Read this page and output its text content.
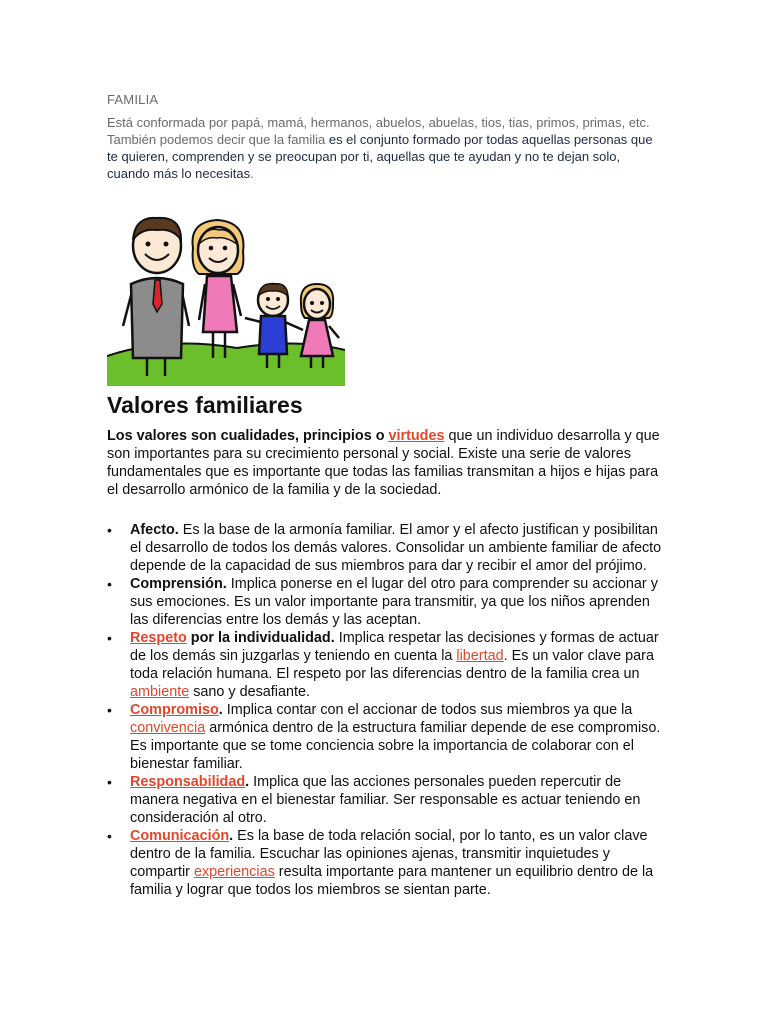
FAMILIA
Está conformada por papá, mamá, hermanos, abuelos, abuelas, tios, tias, primos, primas, etc. También podemos decir que la familia es el conjunto formado por todas aquellas personas que te quieren, comprenden y se preocupan por ti, aquellas que te ayudan y no te dejan solo, cuando más lo necesitas.
Valores familiares
Los valores son cualidades, principios o virtudes que un individuo desarrolla y que son importantes para su crecimiento personal y social. Existe una serie de valores fundamentales que es importante que todas las familias transmitan a hijos e hijas para el desarrollo armónico de la familia y de la sociedad.
• Afecto. Es la base de la armonía familiar. El amor y el afecto justifican y posibilitan el desarrollo de todos los demás valores. Consolidar un ambiente familiar de afecto depende de la capacidad de sus miembros para dar y recibir el amor del prójimo.
• Comprensión. Implica ponerse en el lugar del otro para comprender su accionar y sus emociones. Es un valor importante para transmitir, ya que los niños aprenden las diferencias entre los demás y las aceptan.
• Respeto por la individualidad. Implica respetar las decisiones y formas de actuar de los demás sin juzgarlas y teniendo en cuenta la libertad. Es un valor clave para toda relación humana. El respeto por las diferencias dentro de la familia crea un ambiente sano y desafiante.
• Compromiso. Implica contar con el accionar de todos sus miembros ya que la convivencia armónica dentro de la estructura familiar depende de ese compromiso. Es importante que se tome conciencia sobre la importancia de colaborar con el bienestar familiar.
• Responsabilidad. Implica que las acciones personales pueden repercutir de manera negativa en el bienestar familiar. Ser responsable es actuar teniendo en consideración al otro.
• Comunicación. Es la base de toda relación social, por lo tanto, es un valor clave dentro de la familia. Escuchar las opiniones ajenas, transmitir inquietudes y compartir experiencias resulta importante para mantener un equilibrio dentro de la familia y lograr que todos los miembros se sientan parte.
